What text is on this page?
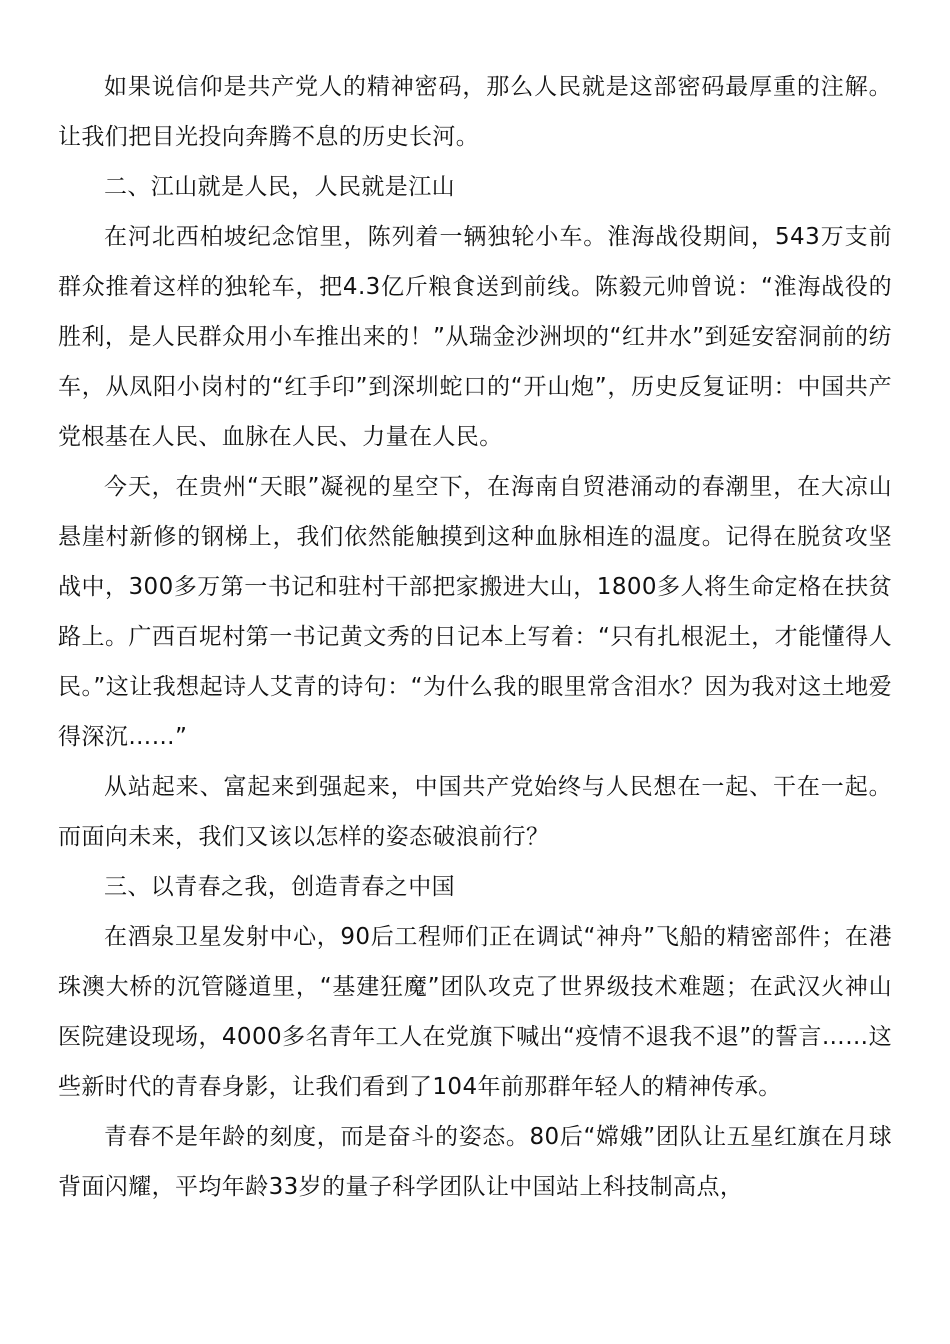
如果说信仰是共产党人的精神密码，那么人民就是这部密码最厚重的注解。让我们把目光投向奔腾不息的历史长河。

二、江山就是人民，人民就是江山

在河北西柏坡纪念馆里，陈列着一辆独轮小车。淮海战役期间，543万支前群众推着这样的独轮车，把4.3亿斤粮食送到前线。陈毅元帅曾说：“淮海战役的胜利，是人民群众用小车推出来的！”从瑞金沙洲坝的“红井水”到延安窑洞前的纺车，从凤阳小岗村的“红手印”到深圳蛇口的“开山炮”，历史反复证明：中国共产党根基在人民、血脉在人民、力量在人民。

今天，在贵州“天眼”凝视的星空下，在海南自贸港涌动的春潮里，在大凉山悬崖村新修的钢梯上，我们依然能触摸到这种血脉相连的温度。记得在脱贫攻坚战中，300多万第一书记和驻村干部把家搬进大山，1800多人将生命定格在扶贫路上。广西百坭村第一书记黄文秀的日记本上写着：“只有扎根泥土，才能懂得人民。”这让我想起诗人艾青的诗句：“为什么我的眼里常含泪水？因为我对这土地爱得深沉……”

从站起来、富起来到强起来，中国共产党始终与人民想在一起、干在一起。而面向未来，我们又该以怎样的姿态破浪前行？

三、以青春之我，创造青春之中国

在酒泉卫星发射中心，90后工程师们正在调试“神舟”飞船的精密部件；在港珠澳大桥的沉管隧道里，“基建狂魔”团队攻克了世界级技术难题；在武汉火神山医院建设现场，4000多名青年工人在党旗下喊出“疫情不退我不退”的誓言……这些新时代的青春身影，让我们看到了104年前那群年轻人的精神传承。

青春不是年龄的刻度，而是奋斗的姿态。80后“嫦娥”团队让五星红旗在月球背面闪耀，平均年龄33岁的量子科学团队让中国站上科技制高点，
